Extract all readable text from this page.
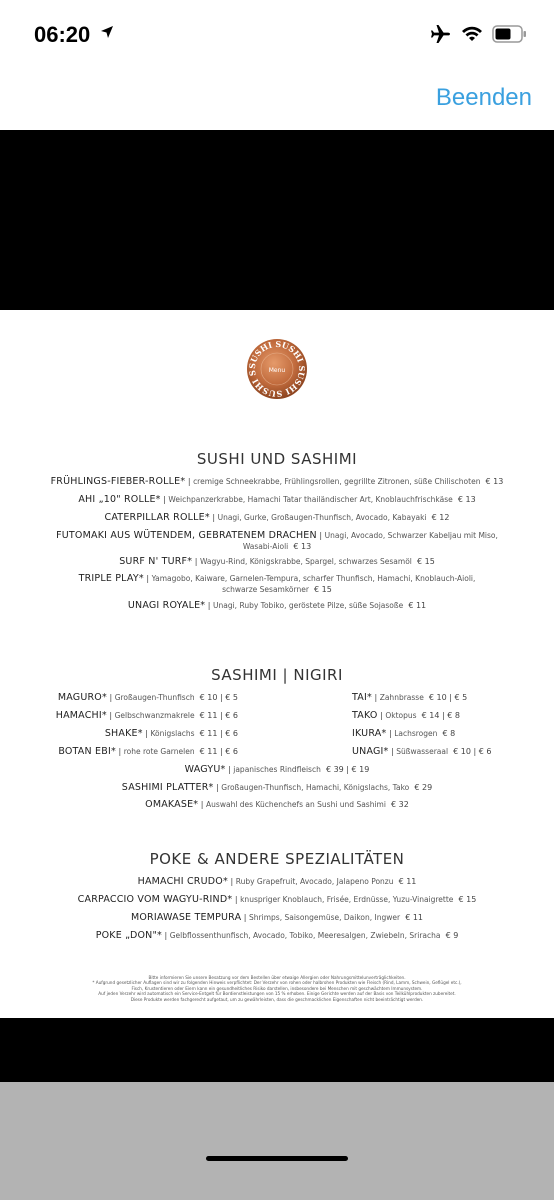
06:20
Beenden
SUSHI SUSHI SUSHI SUSHI S	Menu
SUSHI UND SASHIMI
FRÜHLINGS-FIEBER-ROLLE* | cremige Schneekrabbe, Frühlingsrollen, gegrillte Zitronen, süße Chilischoten € 13
AHI „10" ROLLE* | Weichpanzerkrabbe, Hamachi Tatar thailändischer Art, Knoblauchfrischkäse € 13
CATERPILLAR ROLLE* | Unagi, Gurke, Großaugen-Thunfisch, Avocado, Kabayaki € 12
FUTOMAKI AUS WÜTENDEM, GEBRATENEM DRACHEN | Unagi, Avocado, Schwarzer Kabeljau mit Miso,
Wasabi-Aioli € 13
SURF N' TURF* | Wagyu-Rind, Königskrabbe, Spargel, schwarzes Sesamöl € 15
TRIPLE PLAY* | Yamagobo, Kaiware, Garnelen-Tempura, scharfer Thunfisch, Hamachi, Knoblauch-Aioli,
schwarze Sesamkörner € 15
UNAGI ROYALE* | Unagi, Ruby Tobiko, geröstete Pilze, süße Sojasoße € 11
SASHIMI | NIGIRI
MAGURO* | Großaugen-Thunfisch € 10 | € 5
HAMACHI* | Gelbschwanzmakrele € 11 | € 6
SHAKE* | Königslachs € 11 | € 6
BOTAN EBI* | rohe rote Garnelen € 11 | € 6
TAI* | Zahnbrasse € 10 | € 5
TAKO | Oktopus € 14 | € 8
IKURA* | Lachsrogen € 8
UNAGI* | Süßwasseraal € 10 | € 6
WAGYU* | japanisches Rindfleisch € 39 | € 19
SASHIMI PLATTER* | Großaugen-Thunfisch, Hamachi, Königslachs, Tako € 29
OMAKASE* | Auswahl des Küchenchefs an Sushi und Sashimi € 32
POKE & ANDERE SPEZIALITÄTEN
HAMACHI CRUDO* | Ruby Grapefruit, Avocado, Jalapeno Ponzu € 11
CARPACCIO VOM WAGYU-RIND* | knuspriger Knoblauch, Frisée, Erdnüsse, Yuzu-Vinaigrette € 15
MORIAWASE TEMPURA | Shrimps, Saisongemüse, Daikon, Ingwer € 11
POKE „DON"* | Gelbflossenthunfisch, Avocado, Tobiko, Meeresalgen, Zwiebeln, Sriracha € 9
Bitte informieren Sie unsere Besatzung vor dem Bestellen über etwaige Allergien oder Nahrungsmittelunverträglichkeiten.
* Aufgrund gesetzlicher Auflagen sind wir zu folgenden Hinweis verpflichtet: Der Verzehr von rohen oder halbrohen Produkten wie Fleisch (Rind, Lamm, Schwein, Geflügel etc.),
Fisch, Krustentieren oder Eiern kann ein gesundheitliches Risiko darstellen, insbesondere bei Menschen mit geschwächtem Immunsystem.
Auf jeden Verzehr wird automatisch ein Service-Entgelt für Bordienstleistungen von 15 % erhoben. Einige Gerichte werden auf der Basis von Teilkühlprodukten zubereitet.
Diese Produkte werden fachgerecht aufgetaut, um zu gewährleisten, dass die geschmacklichen Eigenschaften nicht beeinträchtigt werden.
